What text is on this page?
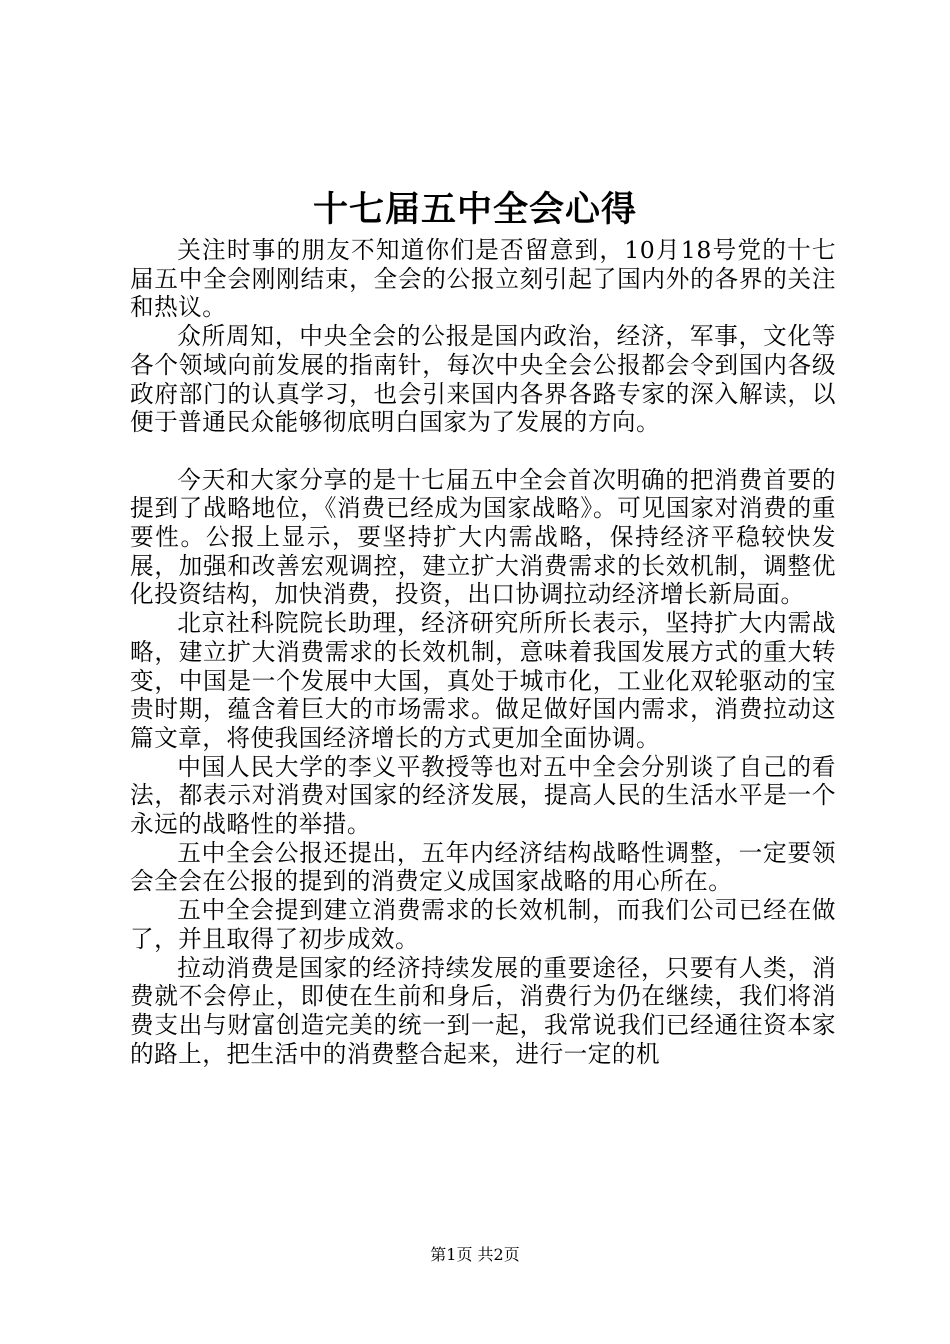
十七届五中全会心得

关注时事的朋友不知道你们是否留意到，10月18号党的十七届五中全会刚刚结束，全会的公报立刻引起了国内外的各界的关注和热议。

众所周知，中央全会的公报是国内政治，经济，军事，文化等各个领域向前发展的指南针，每次中央全会公报都会令到国内各级政府部门的认真学习，也会引来国内各界各路专家的深入解读，以便于普通民众能够彻底明白国家为了发展的方向。

今天和大家分享的是十七届五中全会首次明确的把消费首要的提到了战略地位，《消费已经成为国家战略》。可见国家对消费的重要性。公报上显示，要坚持扩大内需战略，保持经济平稳较快发展，加强和改善宏观调控，建立扩大消费需求的长效机制，调整优化投资结构，加快消费，投资，出口协调拉动经济增长新局面。

北京社科院院长助理，经济研究所所长表示，坚持扩大内需战略，建立扩大消费需求的长效机制，意味着我国发展方式的重大转变，中国是一个发展中大国，真处于城市化，工业化双轮驱动的宝贵时期，蕴含着巨大的市场需求。做足做好国内需求，消费拉动这篇文章，将使我国经济增长的方式更加全面协调。

中国人民大学的李义平教授等也对五中全会分别谈了自己的看法，都表示对消费对国家的经济发展，提高人民的生活水平是一个永远的战略性的举措。

五中全会公报还提出，五年内经济结构战略性调整，一定要领会全会在公报的提到的消费定义成国家战略的用心所在。

五中全会提到建立消费需求的长效机制，而我们公司已经在做了，并且取得了初步成效。

拉动消费是国家的经济持续发展的重要途径，只要有人类，消费就不会停止，即使在生前和身后，消费行为仍在继续，我们将消费支出与财富创造完美的统一到一起，我常说我们已经通往资本家的路上，把生活中的消费整合起来，进行一定的机

第1页 共2页
